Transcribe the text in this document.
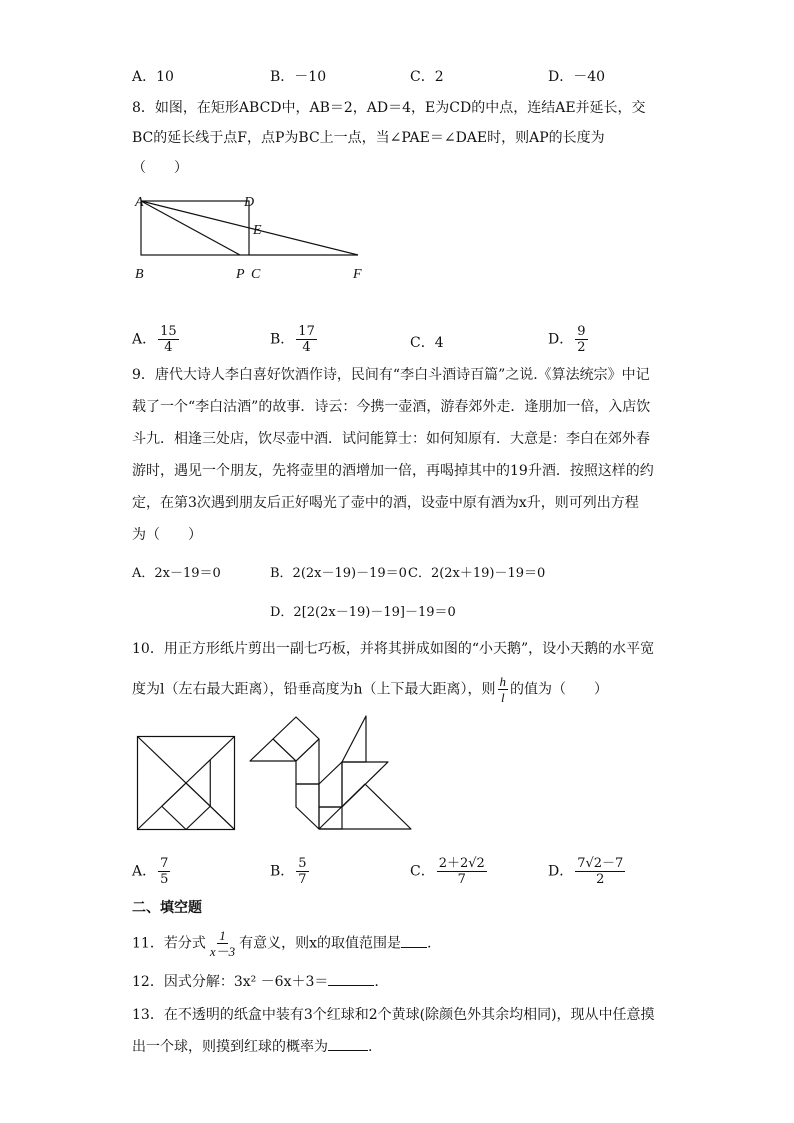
A．10	B．－10	C．2	D．－40
8．如图，在矩形ABCD中，AB＝2，AD＝4，E为CD的中点，连结AE并延长，交
BC的延长线于点F，点P为BC上一点，当∠PAE＝∠DAE时，则AP的长度为
（　　）
A	D
E
B	P C	F
A． $\frac{15}{4}$	B． $\frac{17}{4}$	C．4	D． $\frac{9}{2}$
9．唐代大诗人李白喜好饮酒作诗，民间有“李白斗酒诗百篇”之说.《算法统宗》中记
载了一个“李白沽酒”的故事．诗云：今携一壶酒，游春郊外走．逢朋加一倍，入店饮
斗九．相逢三处店，饮尽壶中酒．试问能算士：如何知原有．大意是：李白在郊外春
游时，遇见一个朋友，先将壶里的酒增加一倍，再喝掉其中的19升酒．按照这样的约
定，在第3次遇到朋友后正好喝光了壶中的酒，设壶中原有酒为x升，则可列出方程
为（　　）
A．2x－19＝0	B．2(2x－19)－19＝0 C．2(2x＋19)－19＝0
D．2[2(2x－19)－19]－19＝0
10．用正方形纸片剪出一副七巧板，并将其拼成如图的“小天鹅”，设小天鹅的水平宽
度为l（左右最大距离），铅垂高度为h（上下最大距离），则 $\frac{h}{l}$ 的值为（　　）
A． $\frac{7}{5}$	B． $\frac{5}{7}$	C． $\frac{2+2√2}{7}$	D． $\frac{7√2-7}{2}$
二、填空题
11．若分式 $\frac{1}{x-3}$ 有意义，则x的取值范围是 .
12．因式分解：3x² －6x＋3＝	.
13．在不透明的纸盒中装有3个红球和2个黄球(除颜色外其余均相同)，现从中任意摸
出一个球，则摸到红球的概率为	.
